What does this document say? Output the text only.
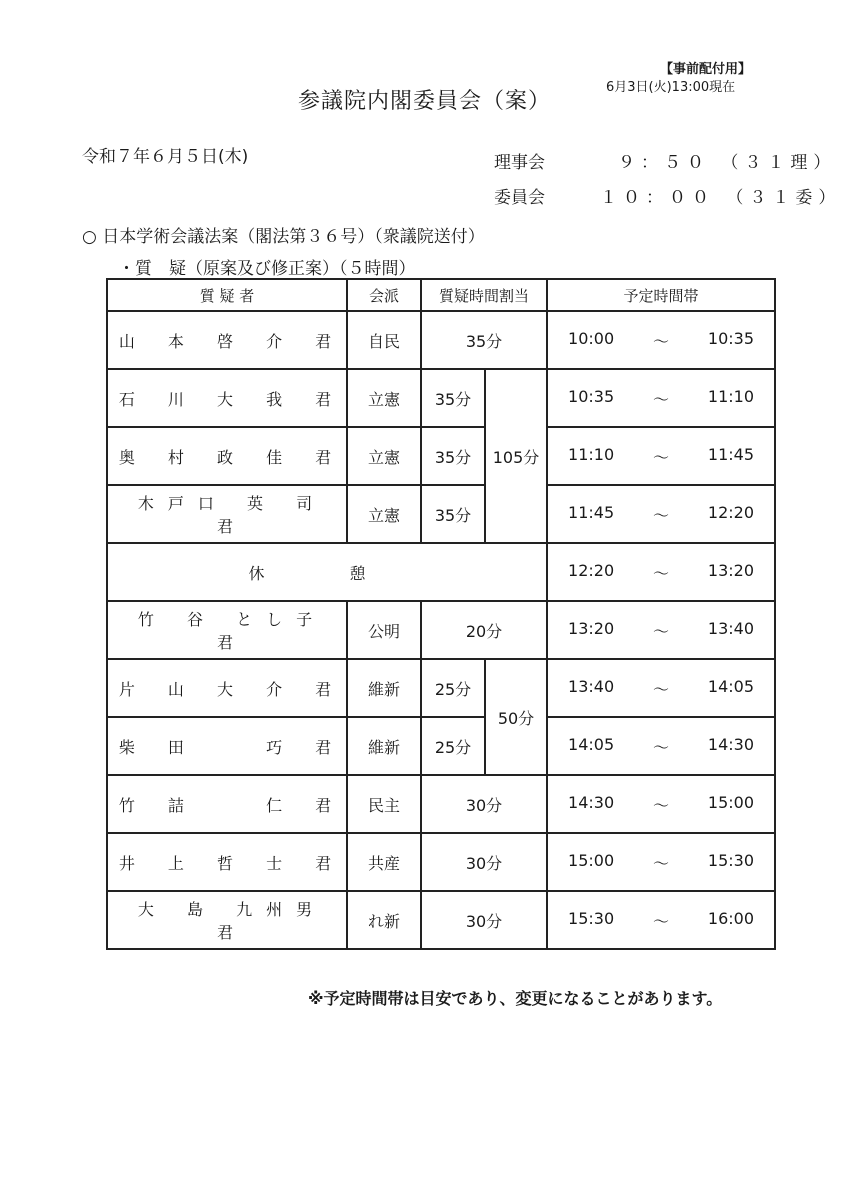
【事前配付用】
6月3日(火)13:00現在
参議院内閣委員会（案）
令和７年６月５日(木)	理事会	９：５０ （３１理）
委員会	１０：００ （３１委）
○ 日本学術会議法案（閣法第３６号）（衆議院送付）
・質　疑（原案及び修正案）（５時間）
質 疑 者	会派	質疑時間割当		予定時間帯
山 本 啓 介 君	自民	35分		10:00 ～ 10:35

石 川 大 我 君	立憲	35分	105分	10:35 ～ 11:10

奥 村 政 佳 君	立憲	35分		11:10 ～ 11:45

木戸口 英 司 君	立憲	35分		11:45 ～ 12:20

休 憩				12:20 ～ 13:20

竹 谷 とし子 君	公明	20分		13:20 ～ 13:40

片 山 大 介 君	維新	25分	50分	13:40 ～ 14:05

柴 田 　 巧 君	維新	25分		14:05 ～ 14:30

竹 詰 　 仁 君	民主	30分		14:30 ～ 15:00

井 上 哲 士 君	共産	30分		15:00 ～ 15:30

大 島 九州男 君	れ新	30分		15:30 ～ 16:00
※予定時間帯は目安であり、変更になることがあります。
